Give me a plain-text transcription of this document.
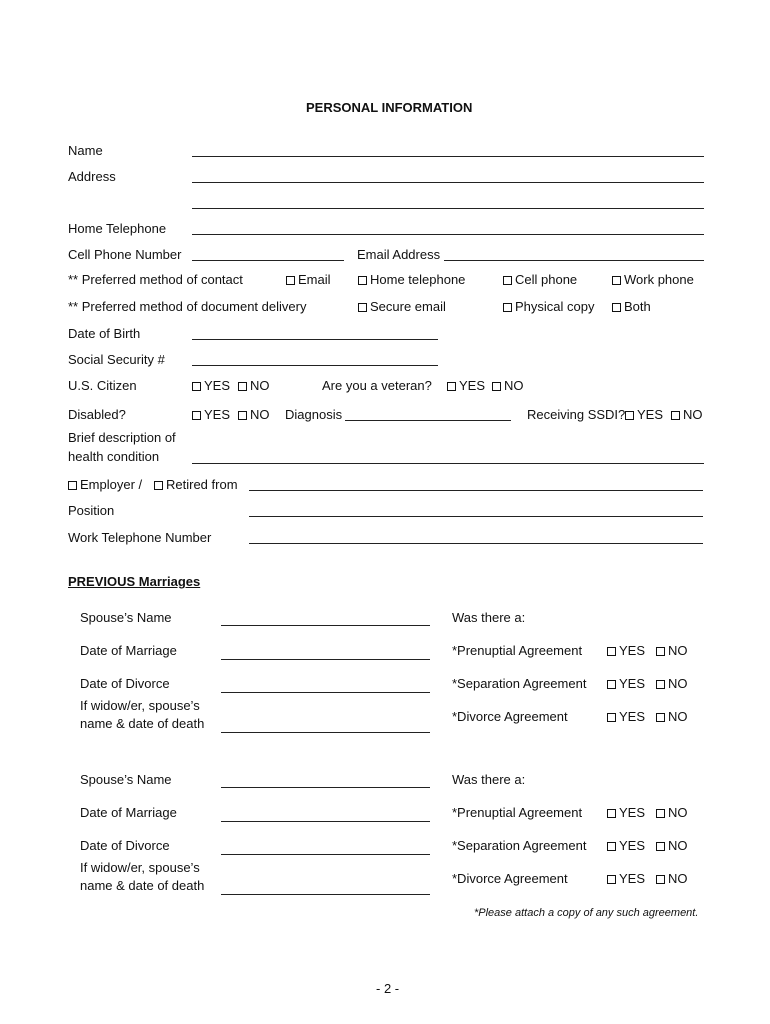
PERSONAL INFORMATION
Name
Address
Home Telephone
Cell Phone Number	Email Address
** Preferred method of contact	Email	Home telephone	Cell phone	Work phone
** Preferred method of document delivery	Secure email	Physical copy	Both
Date of Birth
Social Security #
U.S. Citizen	YES	NO	Are you a veteran?	YES	NO
Disabled?	YES	NO Diagnosis	Receiving SSDI? YES	NO
Brief description of
health condition
Employer /	Retired from
Position
Work Telephone Number
PREVIOUS Marriages
Spouse’s Name	Was there a:
Date of Marriage	*Prenuptial Agreement	YES	NO
Date of Divorce	*Separation Agreement	YES	NO
If widow/er, spouse’s
name & date of death	*Divorce Agreement	YES	NO
Spouse’s Name	Was there a:
Date of Marriage	*Prenuptial Agreement	YES	NO
Date of Divorce	*Separation Agreement	YES	NO
If widow/er, spouse’s
name & date of death	*Divorce Agreement	YES	NO
*Please attach a copy of any such agreement.
- 2 -
